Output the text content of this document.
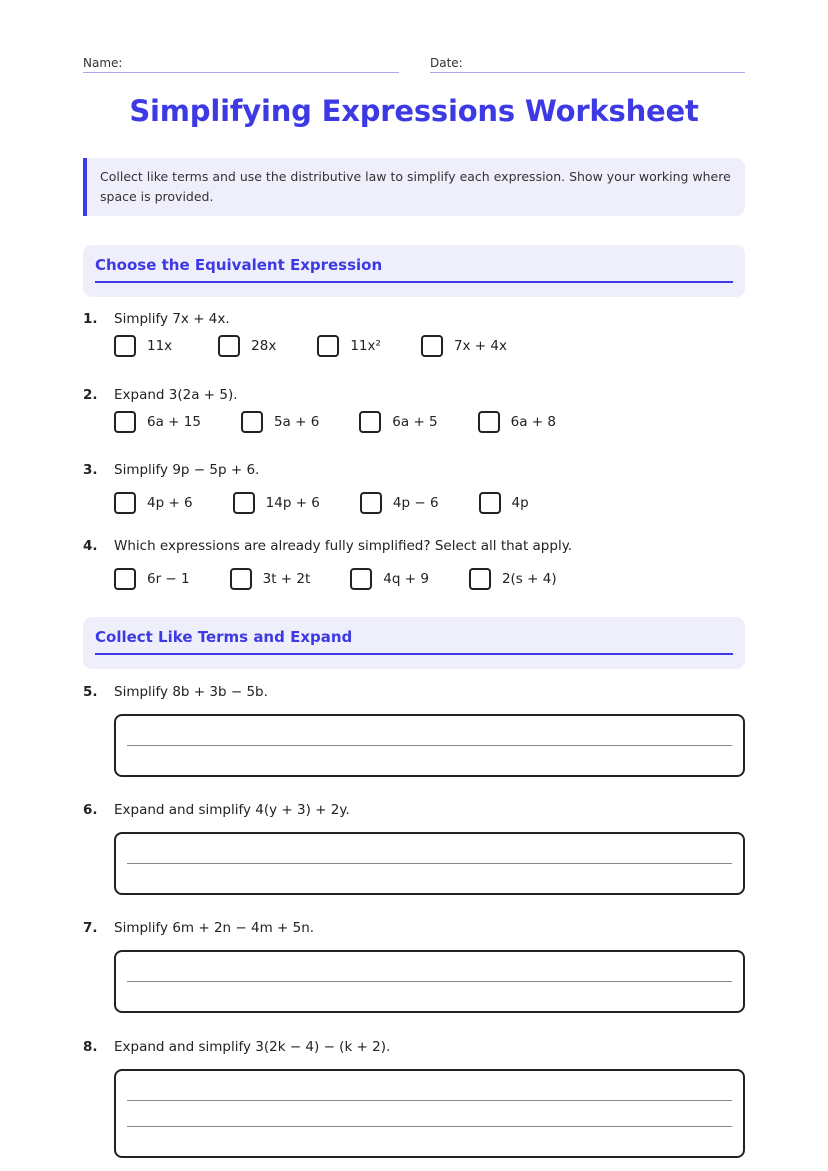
Name:	Date:
Simplifying Expressions Worksheet
Collect like terms and use the distributive law to simplify each expression. Show your working where space is provided.
Choose the Equivalent Expression
1. Simplify 7x + 4x.
11x	28x	11x²	7x + 4x
2. Expand 3(2a + 5).
6a + 15	5a + 6	6a + 5	6a + 8
3. Simplify 9p − 5p + 6.
4p + 6	14p + 6	4p − 6	4p
4. Which expressions are already fully simplified? Select all that apply.
6r − 1	3t + 2t	4q + 9	2(s + 4)
Collect Like Terms and Expand
5. Simplify 8b + 3b − 5b.
6. Expand and simplify 4(y + 3) + 2y.
7. Simplify 6m + 2n − 4m + 5n.
8. Expand and simplify 3(2k − 4) − (k + 2).
